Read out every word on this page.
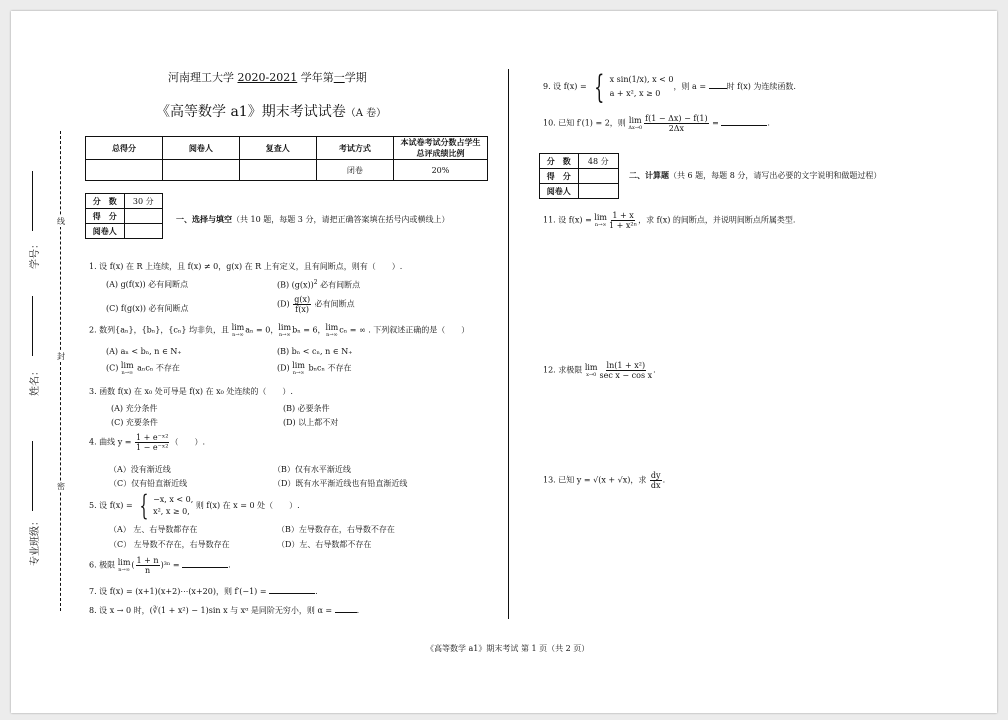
线
封
密
学号：
姓名：
专业班级：
河南理工大学 2020-2021 学年第一学期
《高等数学 a1》期末考试试卷（A 卷）
总得分	阅卷人	复查人	考试方式	本试卷考试分数占学生总评成绩比例
			闭卷	20%
分　数	30 分
得　分	
阅卷人	
一、选择与填空（共 10 题，每题 3 分，请把正确答案填在括号内或横线上）
1. 设 f(x) 在 R 上连续，且 f(x) ≠ 0，g(x) 在 R 上有定义，且有间断点，则有（　　）.
(A) g(f(x)) 必有间断点	(B) $(g(x))^2$ 必有间断点
(C) f(g(x)) 必有间断点	$(D) \frac{g(x)}{f(x)}$ 必有间断点
2. 数列{aₙ}，{bₙ}，{cₙ} 均非负，且 lim
n→∞
aₙ = 0， lim
n→∞
bₙ = 6， lim
n→∞
cₙ = ∞ . 下列叙述正确的是（　　）
(A) aₙ < bₙ, n ∈ N₊	(B) bₙ < cₙ, n ∈ N₊
(C) lim
n→∞
aₙcₙ 不存在	(D) lim
n→∞
bₙcₙ 不存在
3. 函数 f(x) 在 x₀ 处可导是 f(x) 在 x₀ 处连续的（　　）.
(A) 充分条件	(B) 必要条件
(C) 充要条件	(D) 以上都不对
4. 曲线 $y = \frac{\text{1 + e⁻ˣ²}}{\text{1 − e⁻ˣ²}}$ （　　）.
（A）没有渐近线	（B）仅有水平渐近线
（C）仅有铅直渐近线	（D）既有水平渐近线也有铅直渐近线
5. 设 f(x) = { −x, x < 0,
x², x ≥ 0,
则 f(x) 在 x = 0 处（　　）.
（A） 左、右导数都存在	（B）左导数存在，右导数不存在
（C） 左导数不存在，右导数存在	（D）左、右导数都不存在
6. 极限 lim
n→∞
( $\frac{1 + n}{n} )^{3n}$ =	.
7. 设 f(x) = (x+1)(x+2)⋯(x+20)，则 f′(−1) =	.
8. 设 x → 0 时，(∛(1 + x²) − 1)sin x 与 xᵅ 是同阶无穷小，则 α =	.
9. 设 f(x) = { x sin(1/x), x < 0
a + x², x ≥ 0
，则 a = 时 f(x) 为连续函数.
10. 已知 f′(1) = 2，则 lim
$\Delta x\to 0 \frac{f(1 - \Delta x) - f(1)}{2\Delta x}$ =	.
分　数	48 分
得　分	
阅卷人	
二、计算题（共 6 题，每题 8 分，请写出必要的文字说明和做题过程）
11. 设 f(x) = lim
$n\to\infty \frac{1 + x}{\text{1 + x²ⁿ}}$ ，求 f(x) 的间断点，并说明间断点所属类型.
12. 求极限 lim
$x\to 0 \frac{\text{ln(1 + x²)}}{\text{sec x − cos x}}$ .
13. 已知 y = √(x + √x)，求 $\frac{dy}{dx}$ .
《高等数学 a1》期末考试 第 1 页（共 2 页）
